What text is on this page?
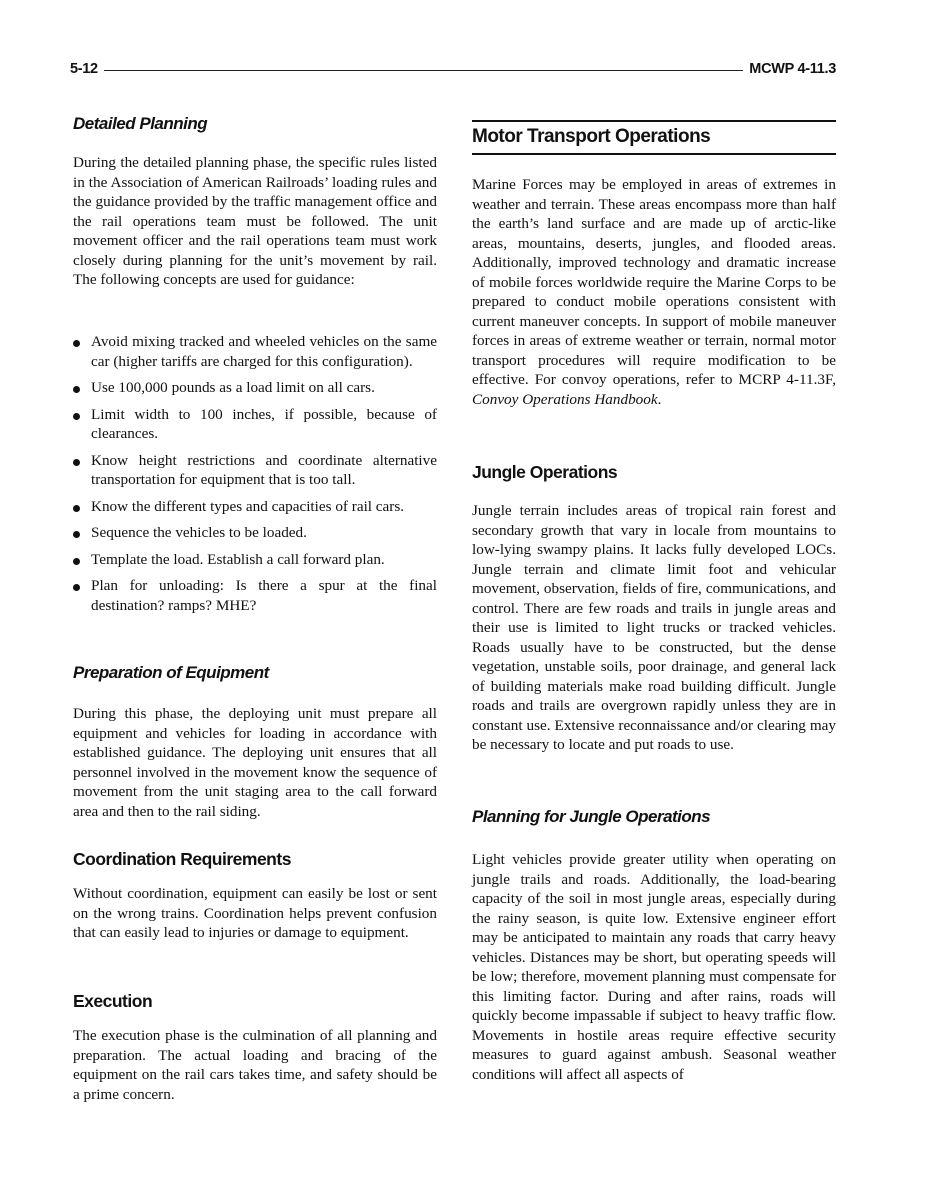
5-12	MCWP 4-11.3
Detailed Planning

During the detailed planning phase, the specific rules listed in the Association of American Railroads’ loading rules and the guidance provided by the traffic management office and the rail operations team must be followed. The unit movement officer and the rail operations team must work closely during planning for the unit’s movement by rail. The following concepts are used for guidance:

Avoid mixing tracked and wheeled vehicles on the same car (higher tariffs are charged for this configuration).
Use 100,000 pounds as a load limit on all cars.
Limit width to 100 inches, if possible, because of clearances.
Know height restrictions and coordinate alternative transportation for equipment that is too tall.
Know the different types and capacities of rail cars.
Sequence the vehicles to be loaded.
Template the load. Establish a call forward plan.
Plan for unloading: Is there a spur at the final destination? ramps? MHE?
Preparation of Equipment

During this phase, the deploying unit must prepare all equipment and vehicles for loading in accordance with established guidance. The deploying unit ensures that all personnel involved in the movement know the sequence of movement from the unit staging area to the call forward area and then to the rail siding.

Coordination Requirements

Without coordination, equipment can easily be lost or sent on the wrong trains. Coordination helps prevent confusion that can easily lead to injuries or damage to equipment.

Execution

The execution phase is the culmination of all planning and preparation. The actual loading and bracing of the equipment on the rail cars takes time, and safety should be a prime concern.

Motor Transport Operations

Marine Forces may be employed in areas of extremes in weather and terrain. These areas encompass more than half the earth’s land surface and are made up of arctic-like areas, mountains, deserts, jungles, and flooded areas. Additionally, improved technology and dramatic increase of mobile forces worldwide require the Marine Corps to be prepared to conduct mobile operations consistent with current maneuver concepts. In support of mobile maneuver forces in areas of extreme weather or terrain, normal motor transport procedures will require modification to be effective. For convoy operations, refer to MCRP 4-11.3F, Convoy Operations Handbook.

Jungle Operations

Jungle terrain includes areas of tropical rain forest and secondary growth that vary in locale from mountains to low-lying swampy plains. It lacks fully developed LOCs. Jungle terrain and climate limit foot and vehicular movement, observation, fields of fire, communications, and control. There are few roads and trails in jungle areas and their use is limited to light trucks or tracked vehicles. Roads usually have to be constructed, but the dense vegetation, unstable soils, poor drainage, and general lack of building materials make road building difficult. Jungle roads and trails are overgrown rapidly unless they are in constant use. Extensive reconnaissance and/or clearing may be necessary to locate and put roads to use.

Planning for Jungle Operations

Light vehicles provide greater utility when operating on jungle trails and roads. Additionally, the load-bearing capacity of the soil in most jungle areas, especially during the rainy season, is quite low. Extensive engineer effort may be anticipated to maintain any roads that carry heavy vehicles. Distances may be short, but operating speeds will be low; therefore, movement planning must compensate for this limiting factor. During and after rains, roads will quickly become impassable if subject to heavy traffic flow. Movements in hostile areas require effective security measures to guard against ambush. Seasonal weather conditions will affect all aspects of
